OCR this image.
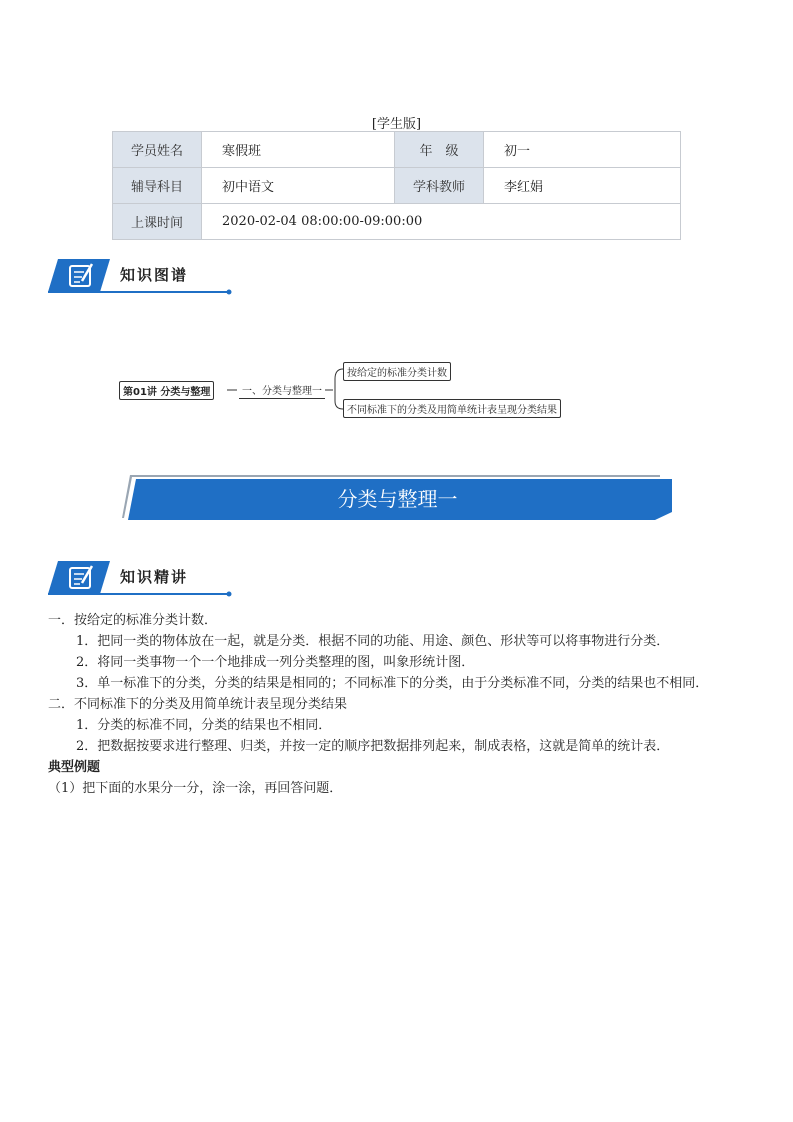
[学生版]
学员姓名	寒假班	年　级	初一
辅导科目	初中语文	学科教师	李红娟
上课时间	2020-02-04 08:00:00-09:00:00		
知识图谱
第01讲 分类与整理	一、分类与整理一
按给定的标准分类计数
不同标准下的分类及用简单统计表呈现分类结果
分类与整理一
知识精讲

一．按给定的标准分类计数．

1．把同一类的物体放在一起，就是分类．根据不同的功能、用途、颜色、形状等可以将事物进行分类．

2．将同一类事物一个一个地排成一列分类整理的图，叫象形统计图．

3．单一标准下的分类，分类的结果是相同的；不同标准下的分类，由于分类标准不同，分类的结果也不相同．

二．不同标准下的分类及用简单统计表呈现分类结果

1．分类的标准不同，分类的结果也不相同．

2．把数据按要求进行整理、归类，并按一定的顺序把数据排列起来，制成表格，这就是简单的统计表．

典型例题

（1）把下面的水果分一分，涂一涂，再回答问题．
